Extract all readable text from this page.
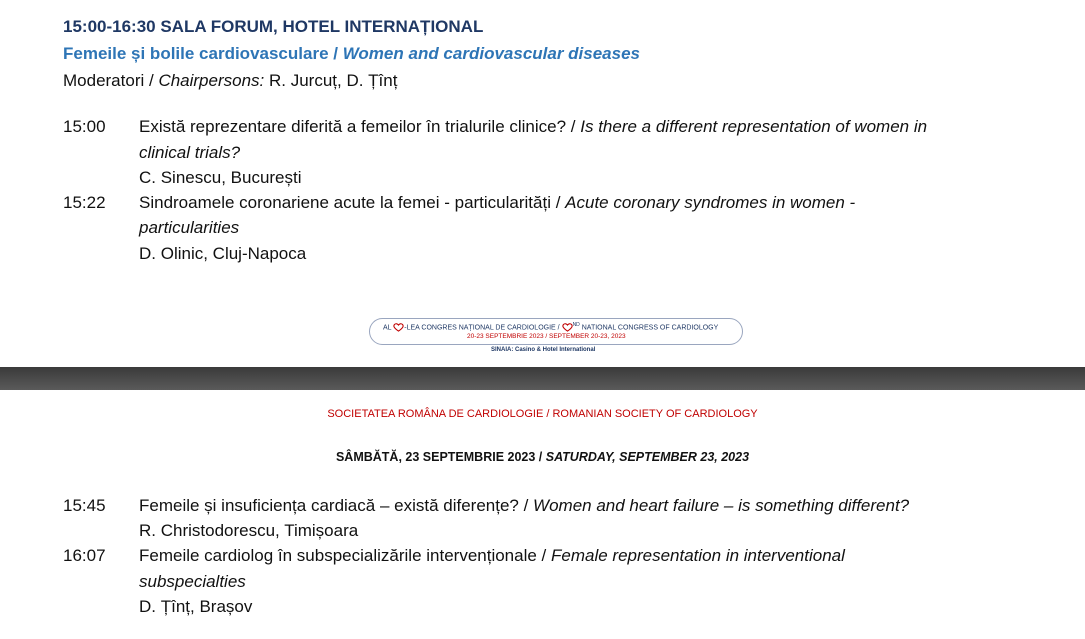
15:00-16:30 SALA FORUM, HOTEL INTERNAȚIONAL
Femeile și bolile cardiovasculare / Women and cardiovascular diseases
Moderatori / Chairpersons: R. Jurcuț, D. Țînț
15:00 Există reprezentare diferită a femeilor în trialurile clinice? / Is there a different representation of women in
clinical trials?
C. Sinescu, București
15:22 Sindroamele coronariene acute la femei - particularități / Acute coronary syndromes in women -
particularities
D. Olinic, Cluj-Napoca
AL -LEA CONGRES NAȚIONAL DE CARDIOLOGIE /	$^{ND}$ NATIONAL CONGRESS OF CARDIOLOGY
20-23 SEPTEMBRIE 2023 / SEPTEMBER 20-23, 2023
SINAIA: Casino & Hotel International
SOCIETATEA ROMÂNA DE CARDIOLOGIE / ROMANIAN SOCIETY OF CARDIOLOGY
SÂMBĂTĂ, 23 SEPTEMBRIE 2023 / SATURDAY, SEPTEMBER 23, 2023
15:45 Femeile și insuficiența cardiacă – există diferențe? / Women and heart failure – is something different?
R. Christodorescu, Timișoara
16:07 Femeile cardiolog în subspecializările intervenționale / Female representation in interventional
subspecialties
D. Țînț, Brașov
